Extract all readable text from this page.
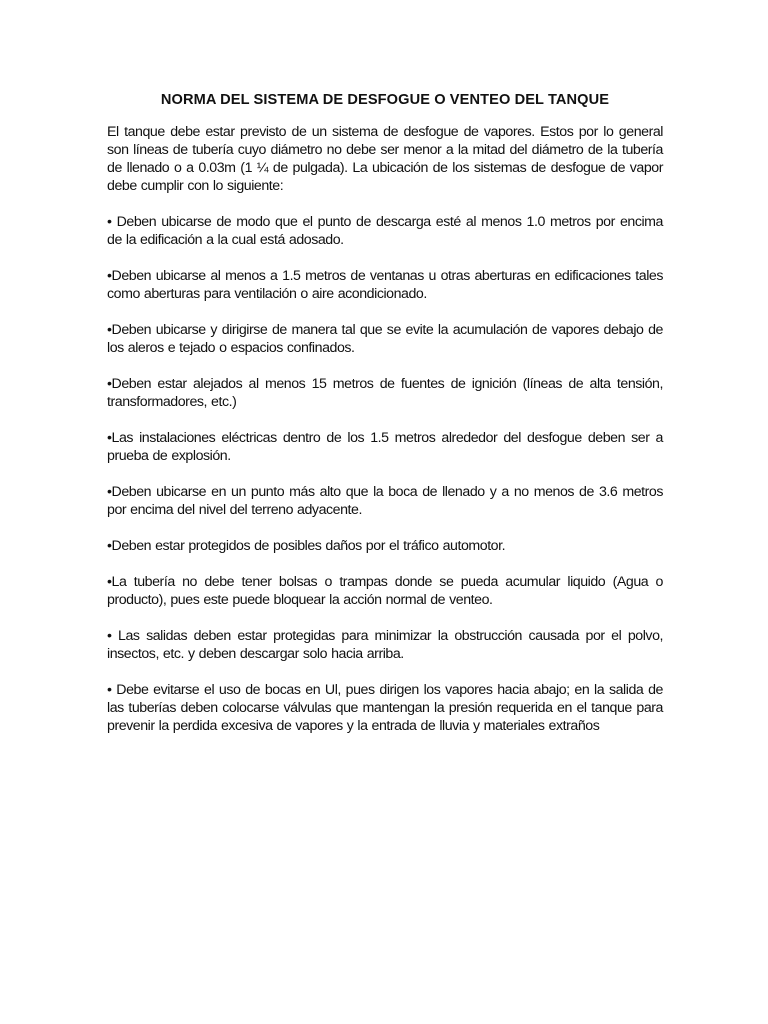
NORMA DEL SISTEMA DE DESFOGUE O VENTEO DEL TANQUE

El tanque debe estar previsto de un sistema de desfogue de vapores. Estos por lo general son líneas de tubería cuyo diámetro no debe ser menor a la mitad del diámetro de la tubería de llenado o a 0.03m (1 ¼ de pulgada). La ubicación de los sistemas de desfogue de vapor debe cumplir con lo siguiente:

• Deben ubicarse de modo que el punto de descarga esté al menos 1.0 metros por encima de la edificación a la cual está adosado.

•Deben ubicarse al menos a 1.5 metros de ventanas u otras aberturas en edificaciones tales como aberturas para ventilación o aire acondicionado.

•Deben ubicarse y dirigirse de manera tal que se evite la acumulación de vapores debajo de los aleros e tejado o espacios confinados.

•Deben estar alejados al menos 15 metros de fuentes de ignición (líneas de alta tensión, transformadores, etc.)

•Las instalaciones eléctricas dentro de los 1.5 metros alrededor del desfogue deben ser a prueba de explosión.

•Deben ubicarse en un punto más alto que la boca de llenado y a no menos de 3.6 metros por encima del nivel del terreno adyacente.

•Deben estar protegidos de posibles daños por el tráfico automotor.

•La tubería no debe tener bolsas o trampas donde se pueda acumular liquido (Agua o producto), pues este puede bloquear la acción normal de venteo.

• Las salidas deben estar protegidas para minimizar la obstrucción causada por el polvo, insectos, etc. y deben descargar solo hacia arriba.

• Debe evitarse el uso de bocas en Ul, pues dirigen los vapores hacia abajo; en la salida de las tuberías deben colocarse válvulas que mantengan la presión requerida en el tanque para prevenir la perdida excesiva de vapores y la entrada de lluvia y materiales extraños
